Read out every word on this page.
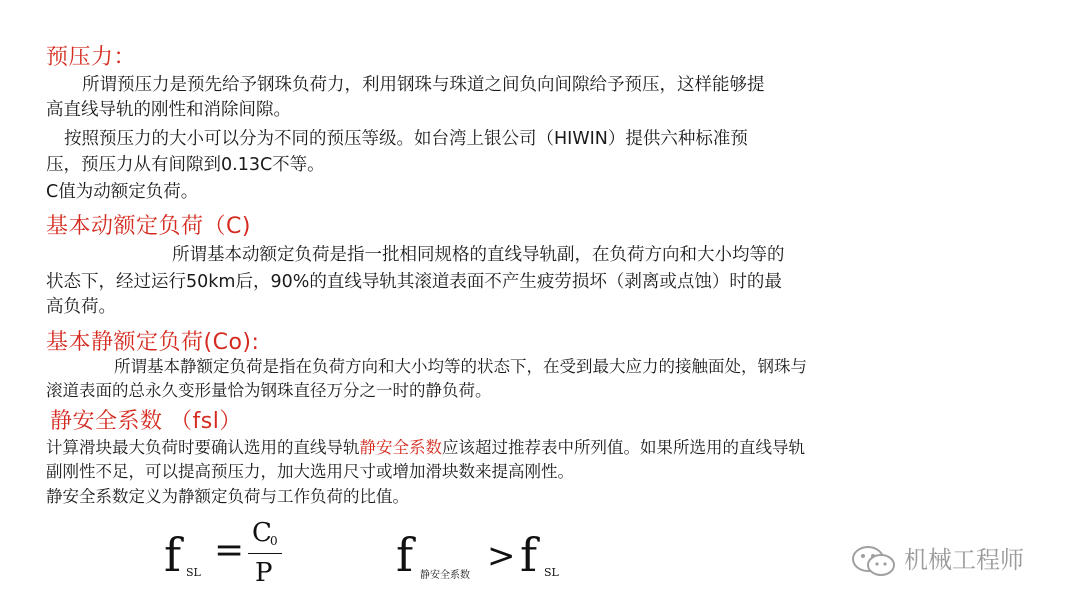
预压力：
所谓预压力是预先给予钢珠负荷力，利用钢珠与珠道之间负向间隙给予预压，这样能够提
高直线导轨的刚性和消除间隙。
按照预压力的大小可以分为不同的预压等级。如台湾上银公司（HIWIN）提供六种标准预
压，预压力从有间隙到0.13C不等。
C值为动额定负荷。
基本动额定负荷（C)
所谓基本动额定负荷是指一批相同规格的直线导轨副，在负荷方向和大小均等的
状态下，经过运行50km后，90%的直线导轨其滚道表面不产生疲劳损坏（剥离或点蚀）时的最
高负荷。
基本静额定负荷(Co):
所谓基本静额定负荷是指在负荷方向和大小均等的状态下，在受到最大应力的接触面处，钢珠与
滚道表面的总永久变形量恰为钢珠直径万分之一时的静负荷。
静安全系数 （fsl）
计算滑块最大负荷时要确认选用的直线导轨静安全系数应该超过推荐表中所列值。如果所选用的直线导轨
副刚性不足，可以提高预压力，加大选用尺寸或增加滑块数来提高刚性。
静安全系数定义为静额定负荷与工作负荷的比值。
f SL
= C
0
P	f 静安全系数 > f SL	机械工程师
